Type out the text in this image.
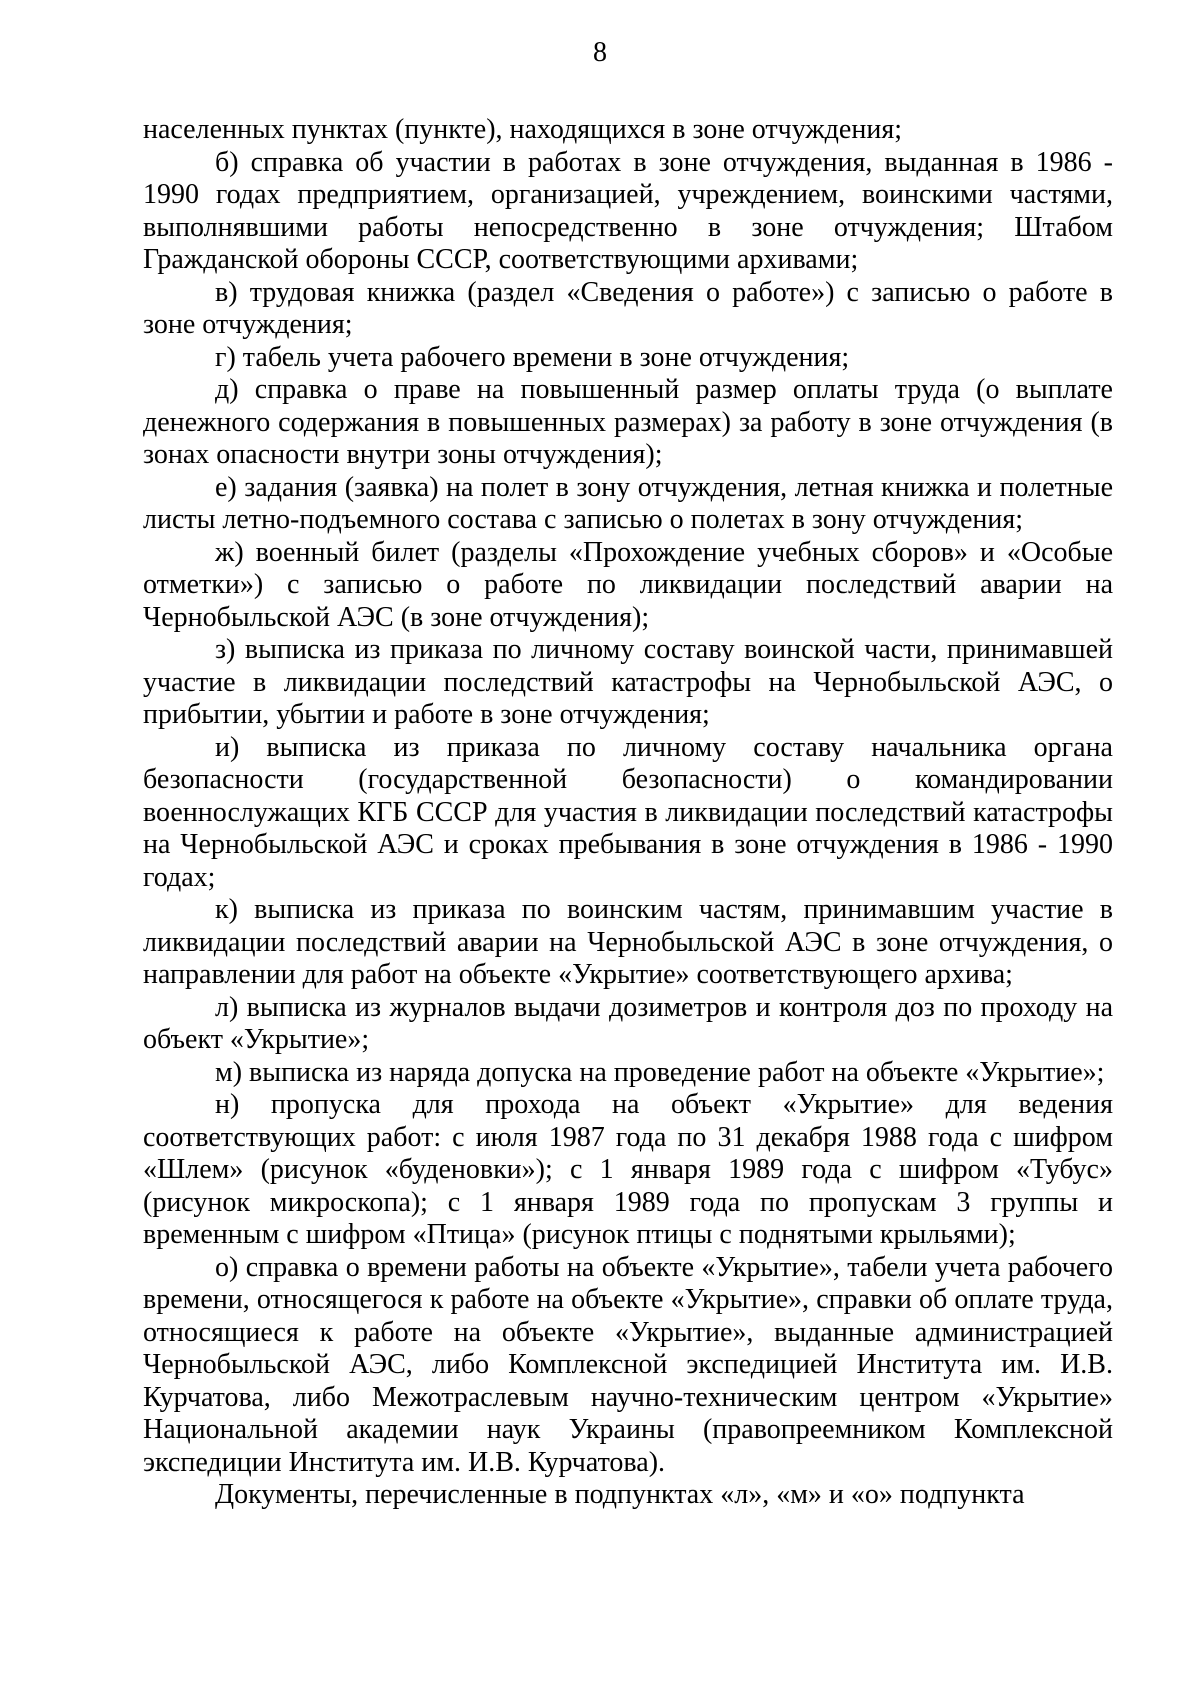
8

населенных пунктах (пункте), находящихся в зоне отчуждения;

б) справка об участии в работах в зоне отчуждения, выданная в 1986 - 1990 годах предприятием, организацией, учреждением, воинскими частями, выполнявшими работы непосредственно в зоне отчуждения; Штабом Гражданской обороны СССР, соответствующими архивами;

в) трудовая книжка (раздел «Сведения о работе») с записью о работе в зоне отчуждения;

г) табель учета рабочего времени в зоне отчуждения;

д) справка о праве на повышенный размер оплаты труда (о выплате денежного содержания в повышенных размерах) за работу в зоне отчуждения (в зонах опасности внутри зоны отчуждения);

е) задания (заявка) на полет в зону отчуждения, летная книжка и полетные листы летно-подъемного состава с записью о полетах в зону отчуждения;

ж) военный билет (разделы «Прохождение учебных сборов» и «Особые отметки») с записью о работе по ликвидации последствий аварии на Чернобыльской АЭС (в зоне отчуждения);

з) выписка из приказа по личному составу воинской части, принимавшей участие в ликвидации последствий катастрофы на Чернобыльской АЭС, о прибытии, убытии и работе в зоне отчуждения;

и) выписка из приказа по личному составу начальника органа безопасности (государственной безопасности) о командировании военнослужащих КГБ СССР для участия в ликвидации последствий катастрофы на Чернобыльской АЭС и сроках пребывания в зоне отчуждения в 1986 - 1990 годах;

к) выписка из приказа по воинским частям, принимавшим участие в ликвидации последствий аварии на Чернобыльской АЭС в зоне отчуждения, о направлении для работ на объекте «Укрытие» соответствующего архива;

л) выписка из журналов выдачи дозиметров и контроля доз по проходу на объект «Укрытие»;

м) выписка из наряда допуска на проведение работ на объекте «Укрытие»;

н) пропуска для прохода на объект «Укрытие» для ведения соответствующих работ: с июля 1987 года по 31 декабря 1988 года с шифром «Шлем» (рисунок «буденовки»); с 1 января 1989 года с шифром «Тубус» (рисунок микроскопа); с 1 января 1989 года по пропускам 3 группы и временным с шифром «Птица» (рисунок птицы с поднятыми крыльями);

о) справка о времени работы на объекте «Укрытие», табели учета рабочего времени, относящегося к работе на объекте «Укрытие», справки об оплате труда, относящиеся к работе на объекте «Укрытие», выданные администрацией Чернобыльской АЭС, либо Комплексной экспедицией Института им. И.В. Курчатова, либо Межотраслевым научно-техническим центром «Укрытие» Национальной академии наук Украины (правопреемником Комплексной экспедиции Института им. И.В. Курчатова).

Документы, перечисленные в подпунктах «л», «м» и «о» подпункта
